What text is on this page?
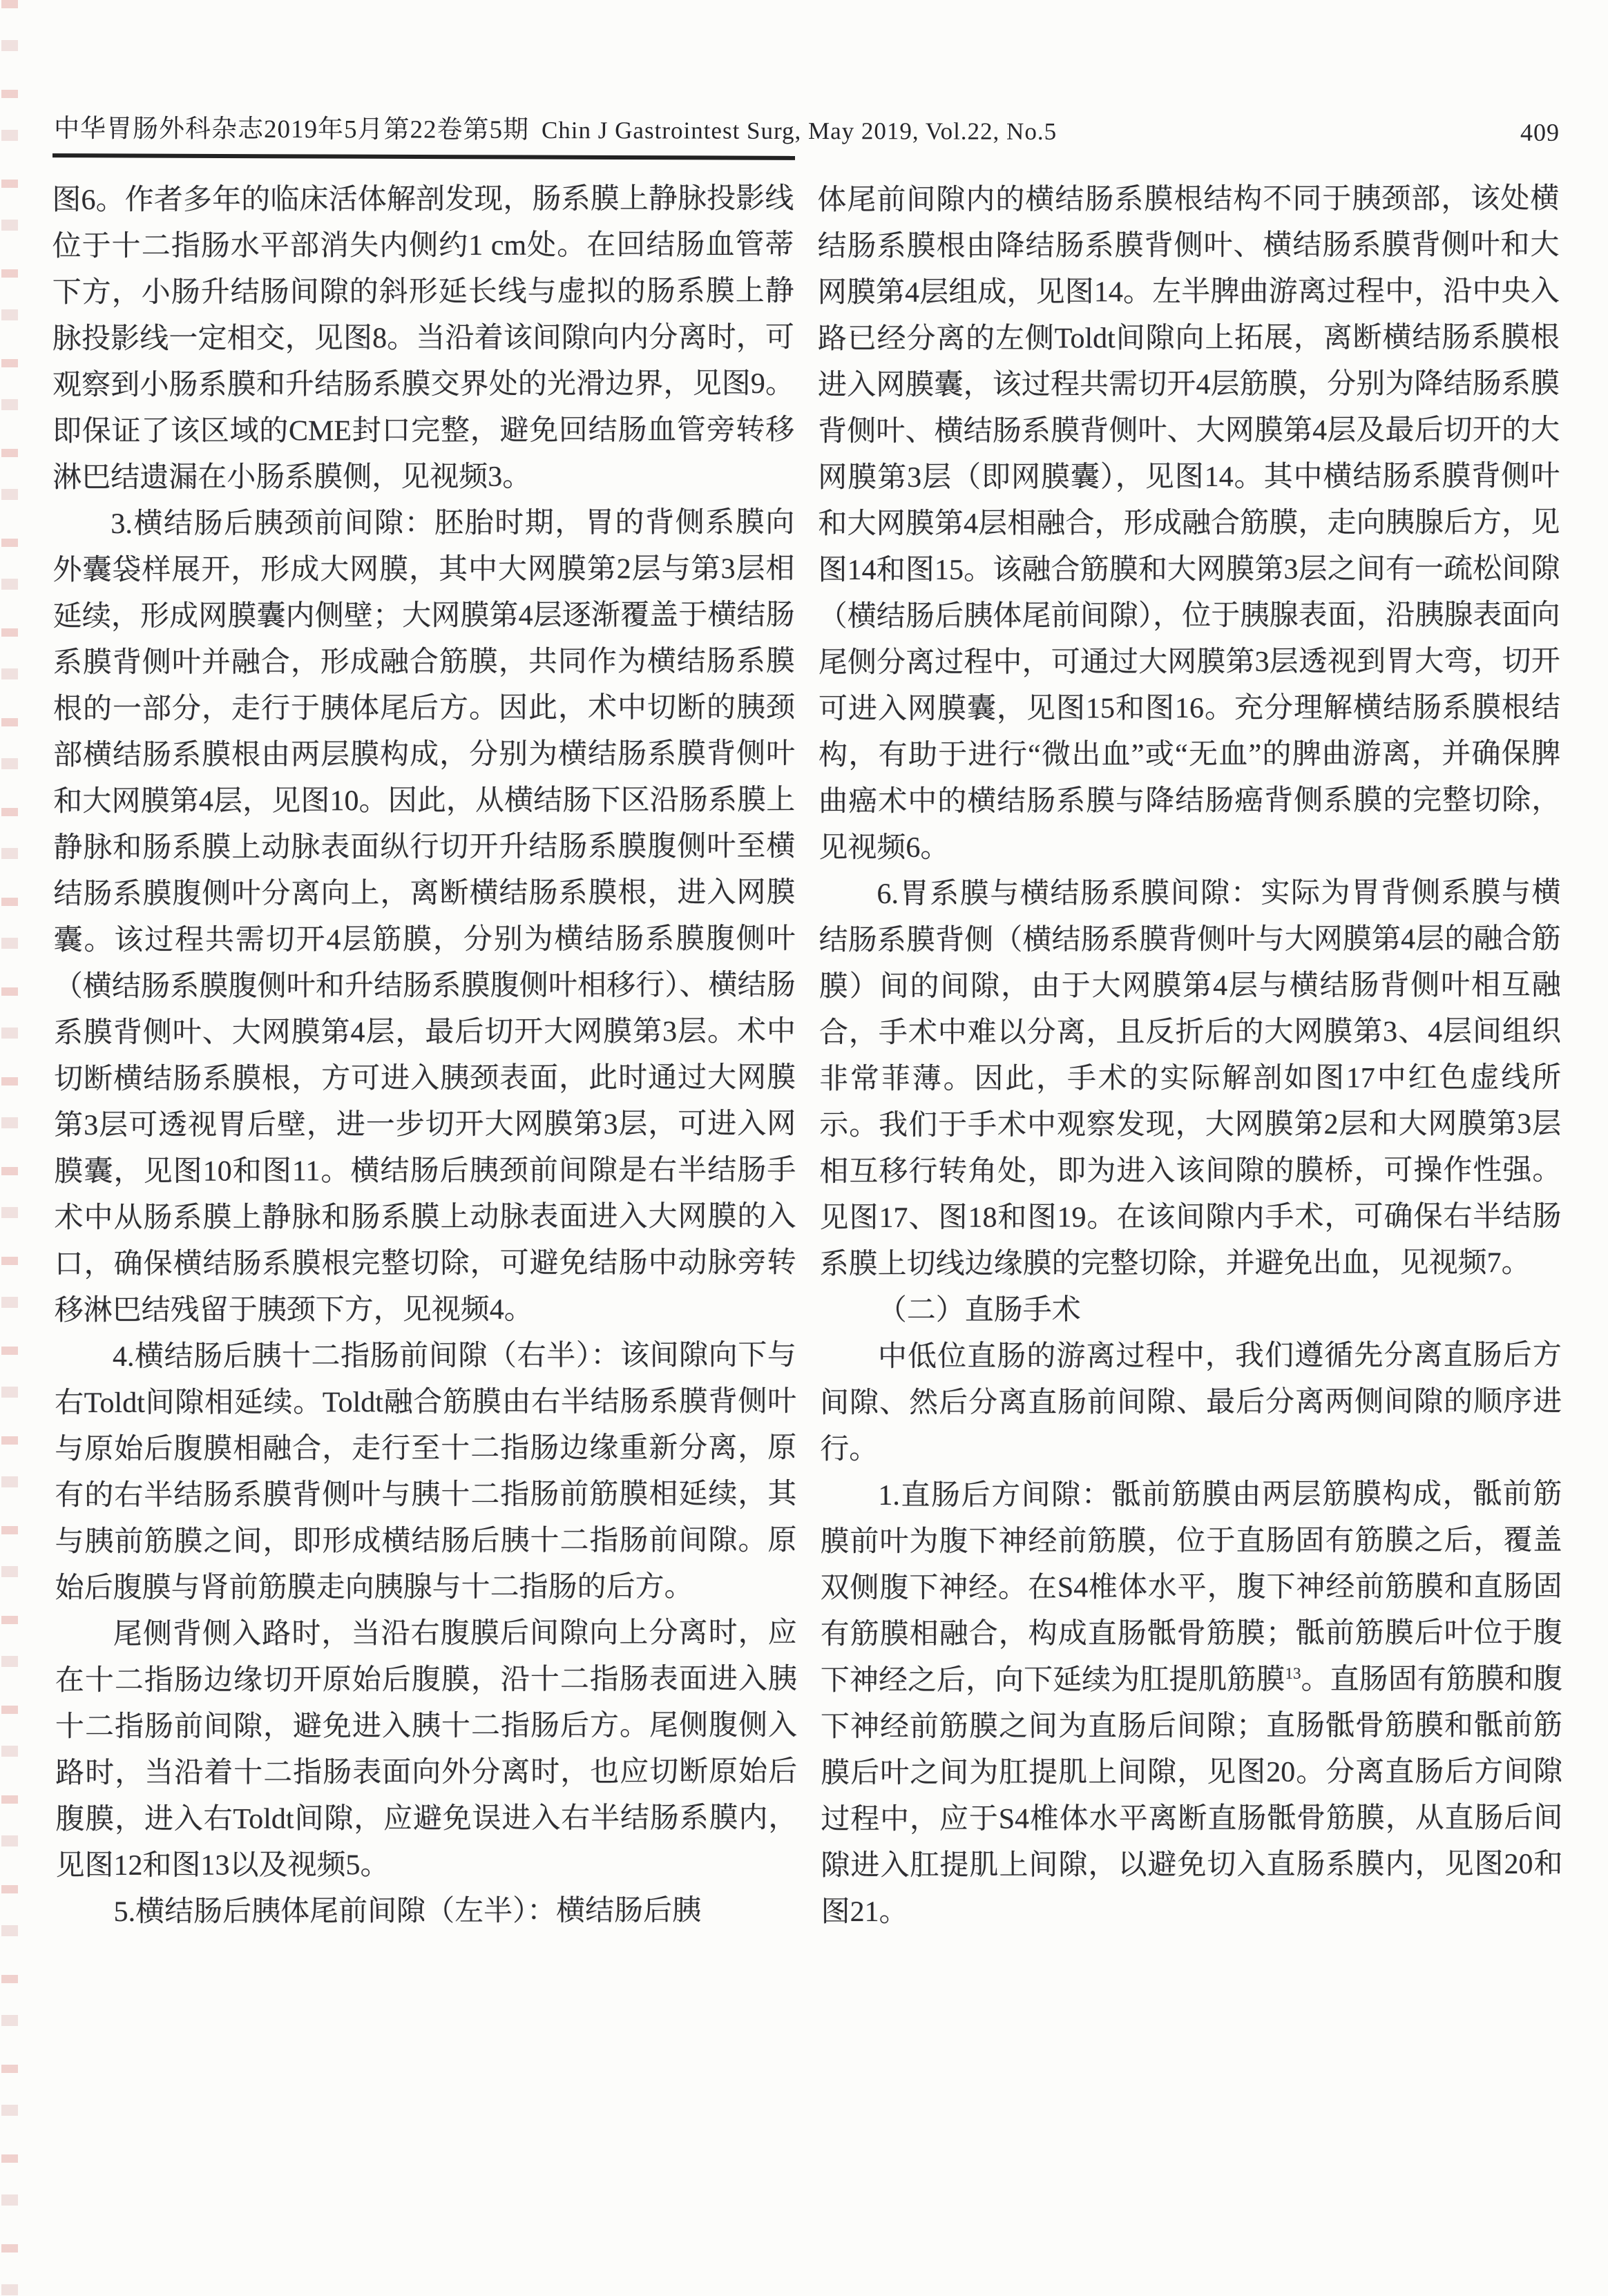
中华胃肠外科杂志2019年5月第22卷第5期 Chin J Gastrointest Surg, May 2019, Vol.22, No.5	409

图6。作者多年的临床活体解剖发现，肠系膜上静脉投影线位于十二指肠水平部消失内侧约1 cm处。在回结肠血管蒂下方，小肠升结肠间隙的斜形延长线与虚拟的肠系膜上静脉投影线一定相交，见图8。当沿着该间隙向内分离时，可观察到小肠系膜和升结肠系膜交界处的光滑边界，见图9。即保证了该区域的CME封口完整，避免回结肠血管旁转移淋巴结遗漏在小肠系膜侧，见视频3。

3.横结肠后胰颈前间隙：胚胎时期，胃的背侧系膜向外囊袋样展开，形成大网膜，其中大网膜第2层与第3层相延续，形成网膜囊内侧壁；大网膜第4层逐渐覆盖于横结肠系膜背侧叶并融合，形成融合筋膜，共同作为横结肠系膜根的一部分，走行于胰体尾后方。因此，术中切断的胰颈部横结肠系膜根由两层膜构成，分别为横结肠系膜背侧叶和大网膜第4层，见图10。因此，从横结肠下区沿肠系膜上静脉和肠系膜上动脉表面纵行切开升结肠系膜腹侧叶至横结肠系膜腹侧叶分离向上，离断横结肠系膜根，进入网膜囊。该过程共需切开4层筋膜，分别为横结肠系膜腹侧叶（横结肠系膜腹侧叶和升结肠系膜腹侧叶相移行）、横结肠系膜背侧叶、大网膜第4层，最后切开大网膜第3层。术中切断横结肠系膜根，方可进入胰颈表面，此时通过大网膜第3层可透视胃后壁，进一步切开大网膜第3层，可进入网膜囊，见图10和图11。横结肠后胰颈前间隙是右半结肠手术中从肠系膜上静脉和肠系膜上动脉表面进入大网膜的入口，确保横结肠系膜根完整切除，可避免结肠中动脉旁转移淋巴结残留于胰颈下方，见视频4。

4.横结肠后胰十二指肠前间隙（右半）：该间隙向下与右Toldt间隙相延续。Toldt融合筋膜由右半结肠系膜背侧叶与原始后腹膜相融合，走行至十二指肠边缘重新分离，原有的右半结肠系膜背侧叶与胰十二指肠前筋膜相延续，其与胰前筋膜之间，即形成横结肠后胰十二指肠前间隙。原始后腹膜与肾前筋膜走向胰腺与十二指肠的后方。

尾侧背侧入路时，当沿右腹膜后间隙向上分离时，应在十二指肠边缘切开原始后腹膜，沿十二指肠表面进入胰十二指肠前间隙，避免进入胰十二指肠后方。尾侧腹侧入路时，当沿着十二指肠表面向外分离时，也应切断原始后腹膜，进入右Toldt间隙，应避免误进入右半结肠系膜内，见图12和图13以及视频5。

5.横结肠后胰体尾前间隙（左半）：横结肠后胰

体尾前间隙内的横结肠系膜根结构不同于胰颈部，该处横结肠系膜根由降结肠系膜背侧叶、横结肠系膜背侧叶和大网膜第4层组成，见图14。左半脾曲游离过程中，沿中央入路已经分离的左侧Toldt间隙向上拓展，离断横结肠系膜根进入网膜囊，该过程共需切开4层筋膜，分别为降结肠系膜背侧叶、横结肠系膜背侧叶、大网膜第4层及最后切开的大网膜第3层（即网膜囊），见图14。其中横结肠系膜背侧叶和大网膜第4层相融合，形成融合筋膜，走向胰腺后方，见图14和图15。该融合筋膜和大网膜第3层之间有一疏松间隙（横结肠后胰体尾前间隙），位于胰腺表面，沿胰腺表面向尾侧分离过程中，可通过大网膜第3层透视到胃大弯，切开可进入网膜囊，见图15和图16。充分理解横结肠系膜根结构，有助于进行“微出血”或“无血”的脾曲游离，并确保脾曲癌术中的横结肠系膜与降结肠癌背侧系膜的完整切除，见视频6。

6.胃系膜与横结肠系膜间隙：实际为胃背侧系膜与横结肠系膜背侧（横结肠系膜背侧叶与大网膜第4层的融合筋膜）间的间隙，由于大网膜第4层与横结肠背侧叶相互融合，手术中难以分离，且反折后的大网膜第3、4层间组织非常菲薄。因此，手术的实际解剖如图17中红色虚线所示。我们于手术中观察发现，大网膜第2层和大网膜第3层相互移行转角处，即为进入该间隙的膜桥，可操作性强。见图17、图18和图19。在该间隙内手术，可确保右半结肠系膜上切线边缘膜的完整切除，并避免出血，见视频7。

（二）直肠手术

中低位直肠的游离过程中，我们遵循先分离直肠后方间隙、然后分离直肠前间隙、最后分离两侧间隙的顺序进行。

1.直肠后方间隙：骶前筋膜由两层筋膜构成，骶前筋膜前叶为腹下神经前筋膜，位于直肠固有筋膜之后，覆盖双侧腹下神经。在S4椎体水平，腹下神经前筋膜和直肠固有筋膜相融合，构成直肠骶骨筋膜；骶前筋膜后叶位于腹下神经之后，向下延续为肛提肌筋膜$^{13}$。直肠固有筋膜和腹下神经前筋膜之间为直肠后间隙；直肠骶骨筋膜和骶前筋膜后叶之间为肛提肌上间隙，见图20。分离直肠后方间隙过程中，应于S4椎体水平离断直肠骶骨筋膜，从直肠后间隙进入肛提肌上间隙，以避免切入直肠系膜内，见图20和图21。
